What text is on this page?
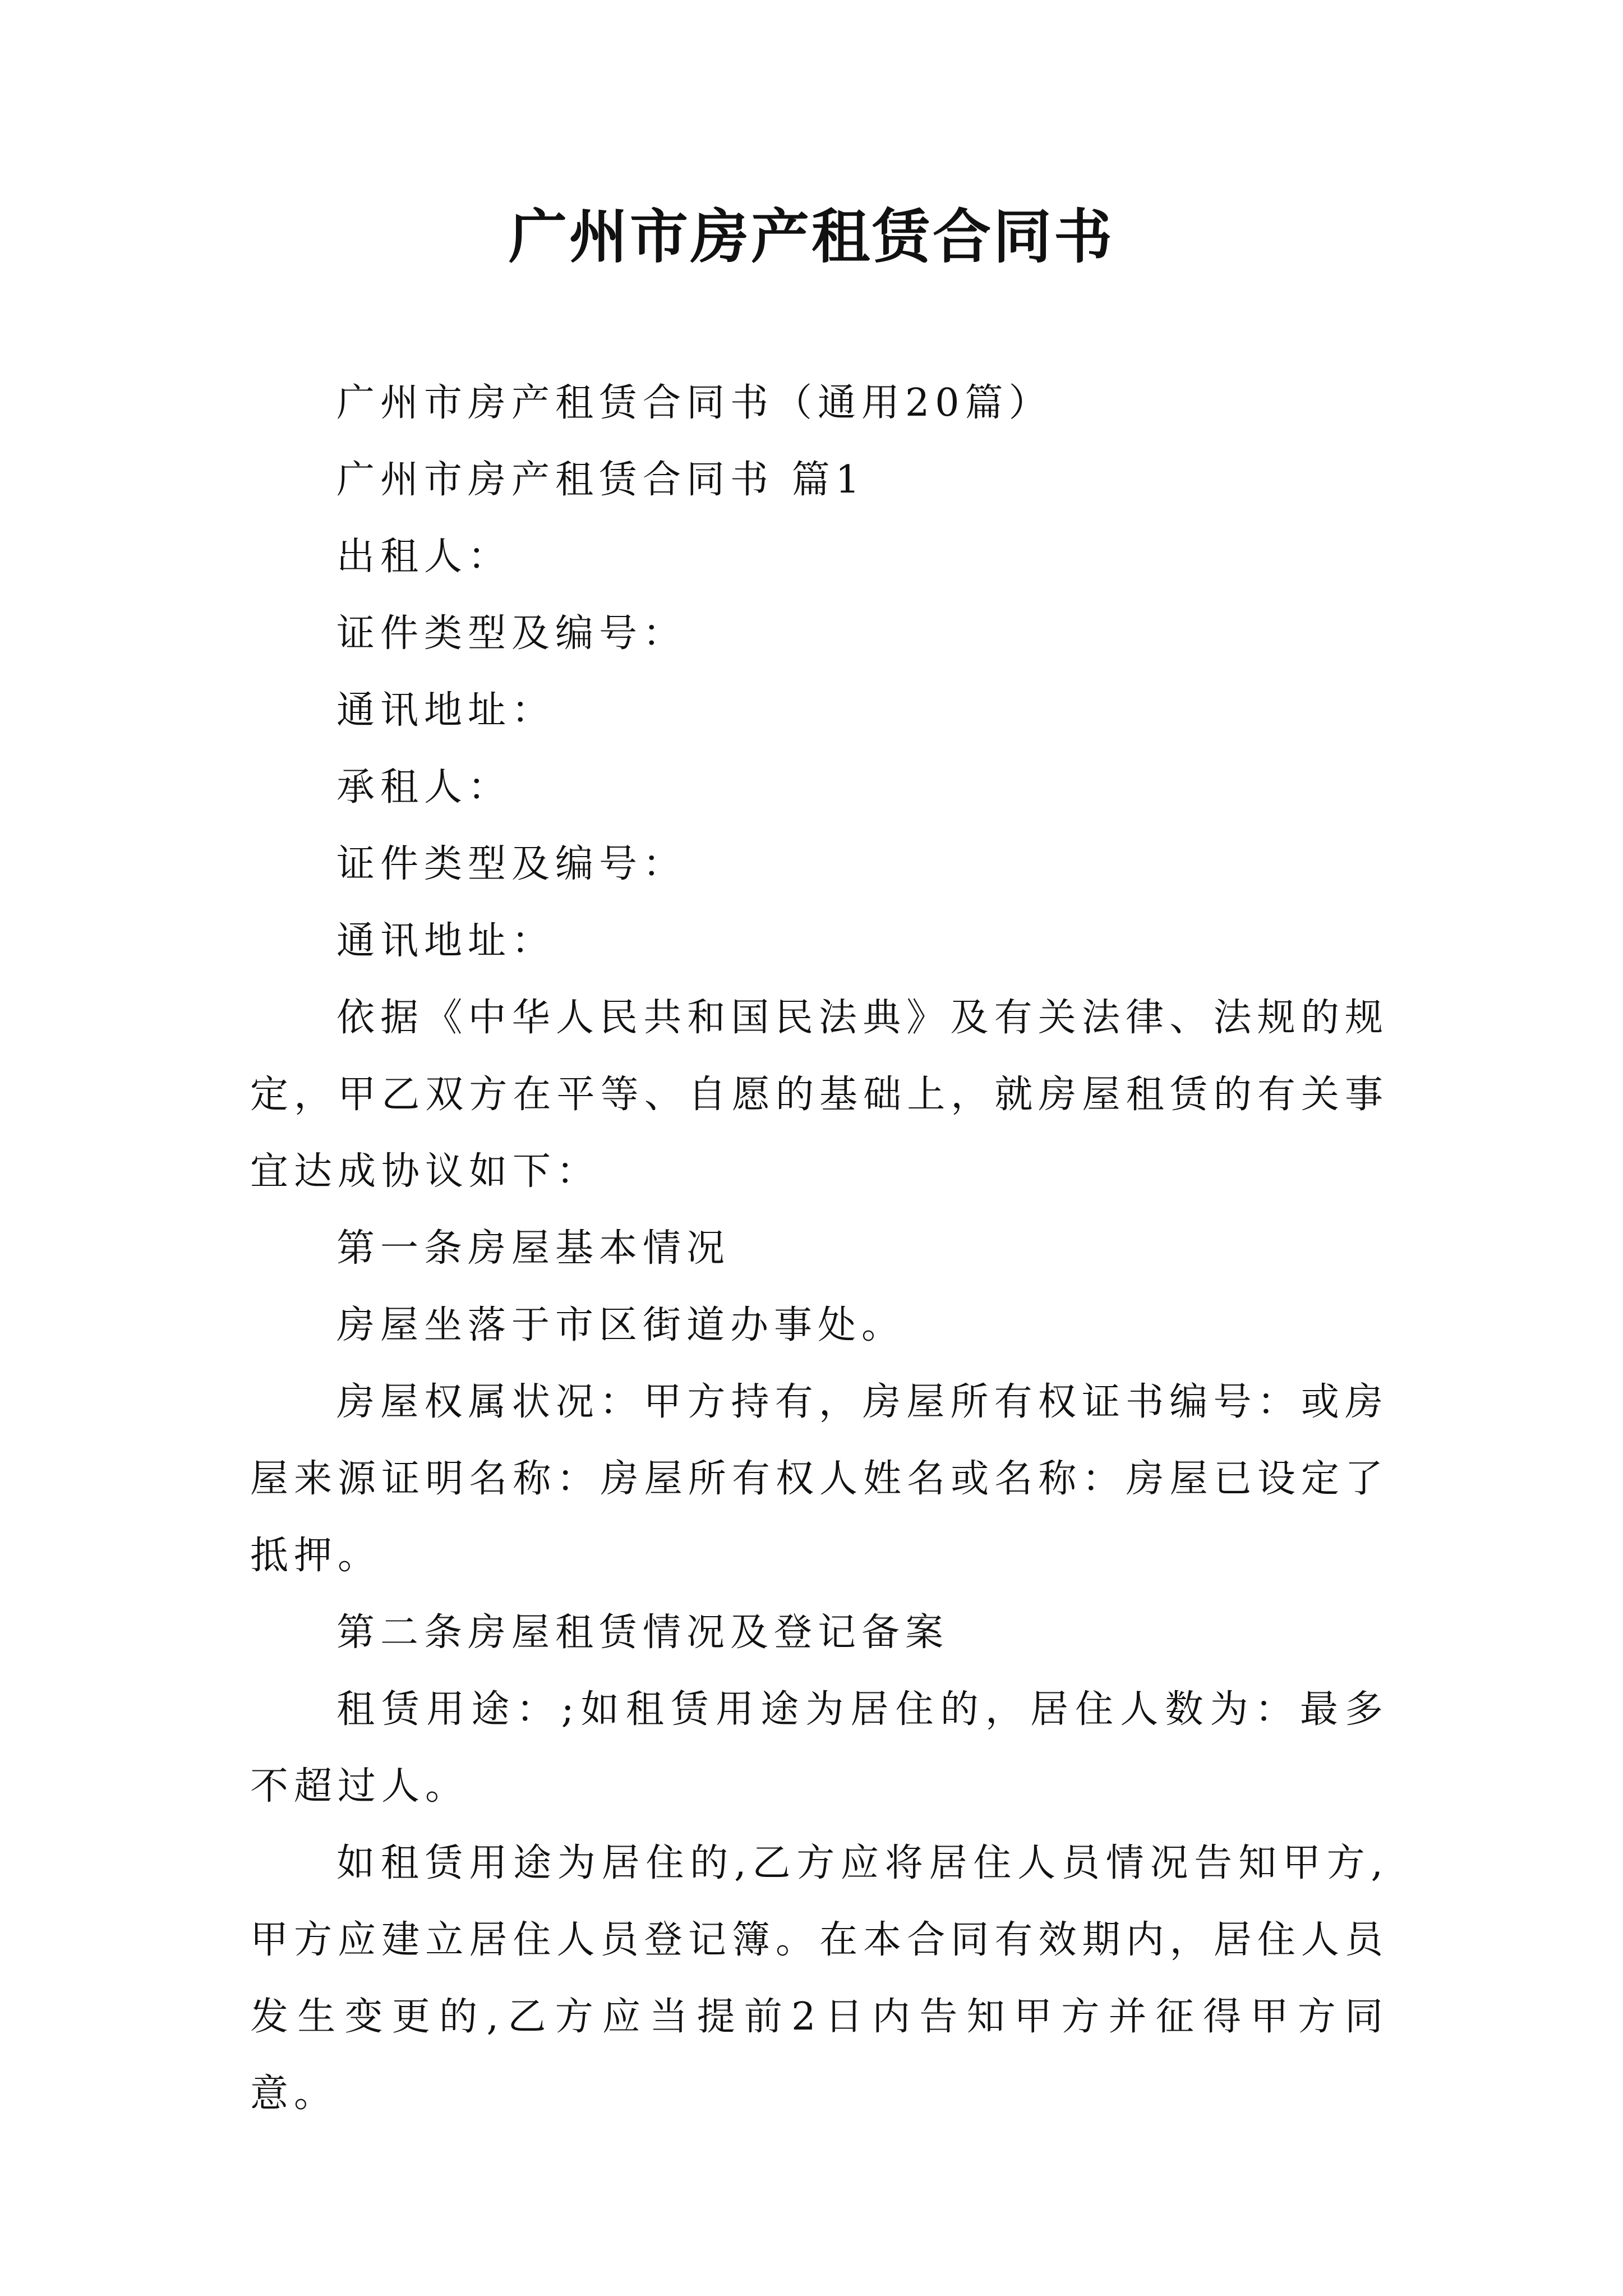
广州市房产租赁合同书

广州市房产租赁合同书（通用20篇）

广州市房产租赁合同书 篇1

出租人：

证件类型及编号：

通讯地址：

承租人：

证件类型及编号：

通讯地址：

依据《中华人民共和国民法典》及有关法律、法规的规定，甲乙双方在平等、自愿的基础上，就房屋租赁的有关事宜达成协议如下：

第一条房屋基本情况

房屋坐落于市区街道办事处。

房屋权属状况：甲方持有，房屋所有权证书编号：或房屋来源证明名称：房屋所有权人姓名或名称：房屋已设定了抵押。

第二条房屋租赁情况及登记备案

租赁用途：;如租赁用途为居住的，居住人数为：最多不超过人。

如租赁用途为居住的,乙方应将居住人员情况告知甲方,甲方应建立居住人员登记簿。在本合同有效期内，居住人员发生变更的,乙方应当提前2日内告知甲方并征得甲方同意。
